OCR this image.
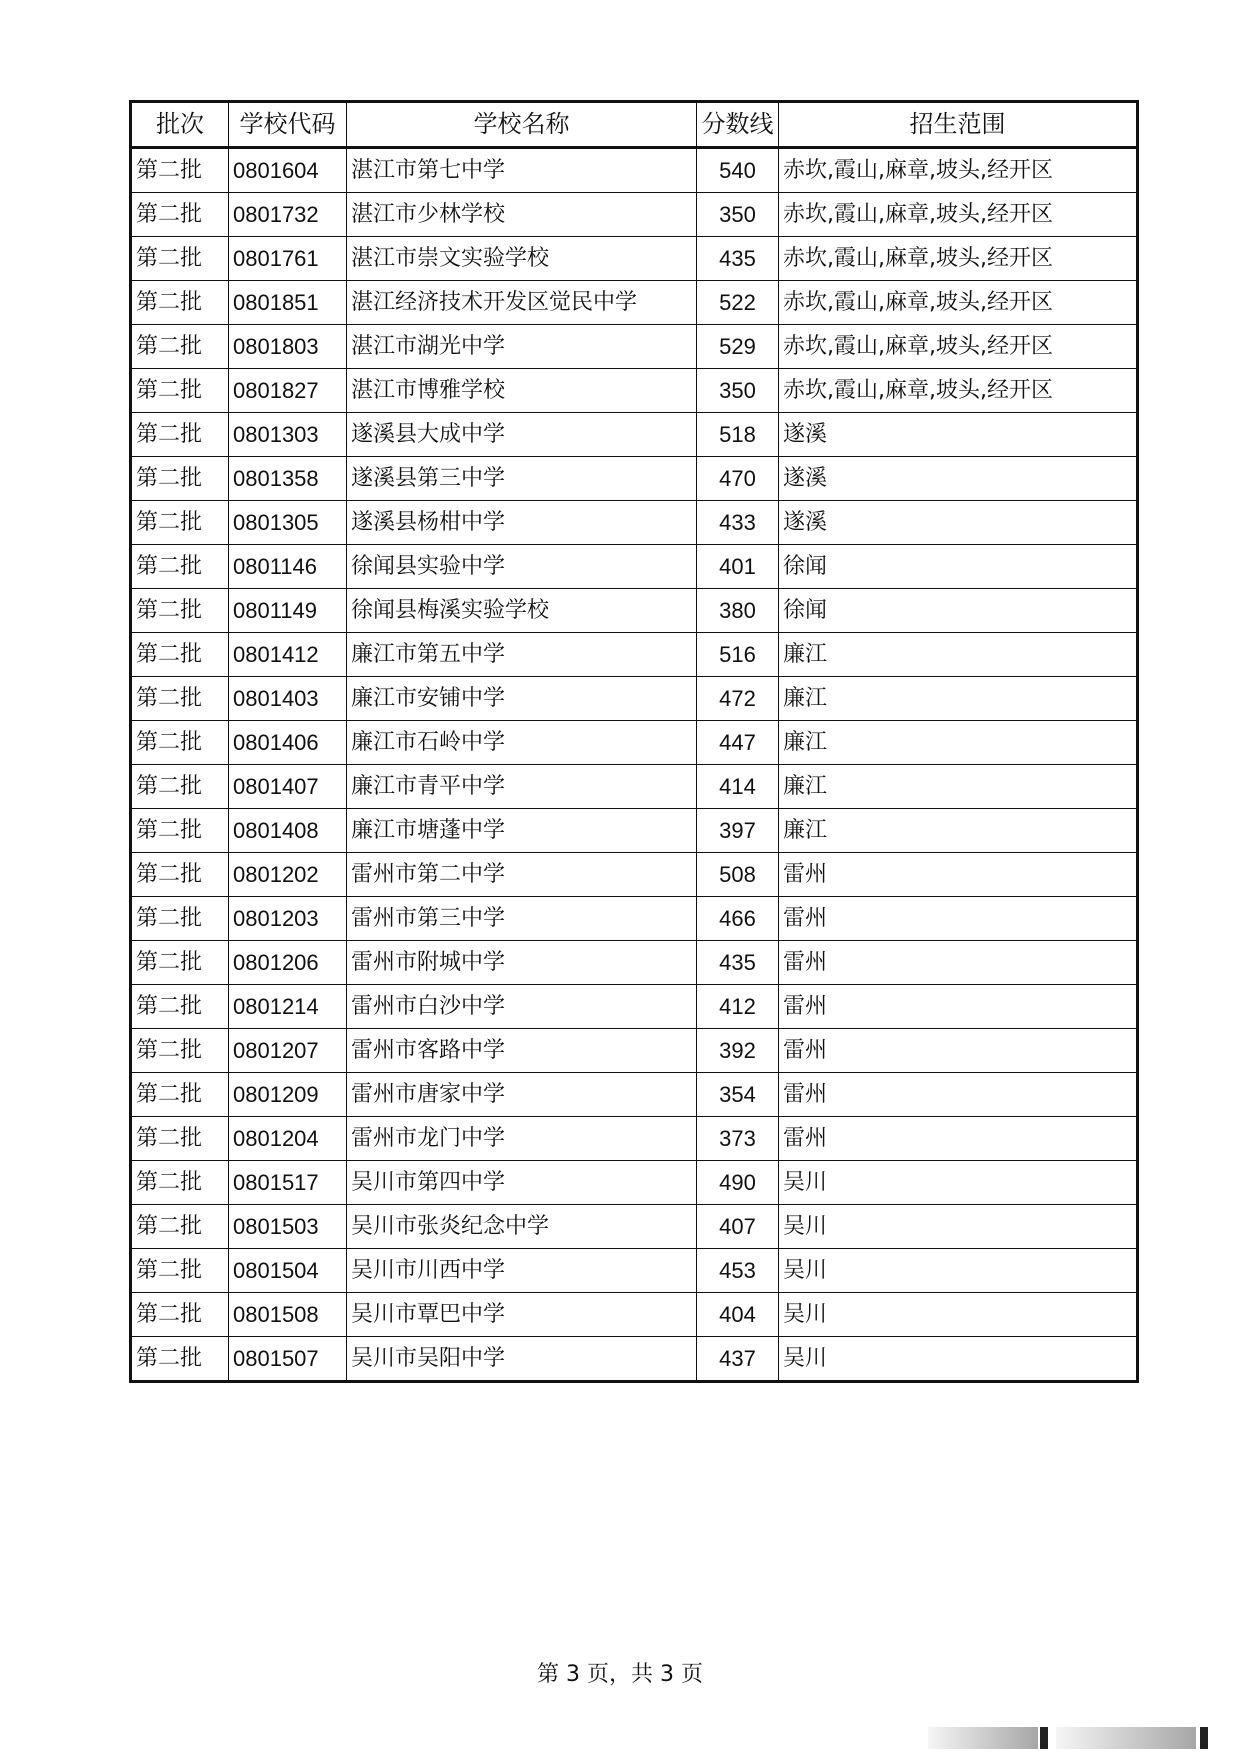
批次	学校代码	学校名称	分数线	招生范围
第二批	0801604	湛江市第七中学	540	赤坎,霞山,麻章,坡头,经开区
第二批	0801732	湛江市少林学校	350	赤坎,霞山,麻章,坡头,经开区
第二批	0801761	湛江市崇文实验学校	435	赤坎,霞山,麻章,坡头,经开区
第二批	0801851	湛江经济技术开发区觉民中学	522	赤坎,霞山,麻章,坡头,经开区
第二批	0801803	湛江市湖光中学	529	赤坎,霞山,麻章,坡头,经开区
第二批	0801827	湛江市博雅学校	350	赤坎,霞山,麻章,坡头,经开区
第二批	0801303	遂溪县大成中学	518	遂溪
第二批	0801358	遂溪县第三中学	470	遂溪
第二批	0801305	遂溪县杨柑中学	433	遂溪
第二批	0801146	徐闻县实验中学	401	徐闻
第二批	0801149	徐闻县梅溪实验学校	380	徐闻
第二批	0801412	廉江市第五中学	516	廉江
第二批	0801403	廉江市安铺中学	472	廉江
第二批	0801406	廉江市石岭中学	447	廉江
第二批	0801407	廉江市青平中学	414	廉江
第二批	0801408	廉江市塘蓬中学	397	廉江
第二批	0801202	雷州市第二中学	508	雷州
第二批	0801203	雷州市第三中学	466	雷州
第二批	0801206	雷州市附城中学	435	雷州
第二批	0801214	雷州市白沙中学	412	雷州
第二批	0801207	雷州市客路中学	392	雷州
第二批	0801209	雷州市唐家中学	354	雷州
第二批	0801204	雷州市龙门中学	373	雷州
第二批	0801517	吴川市第四中学	490	吴川
第二批	0801503	吴川市张炎纪念中学	407	吴川
第二批	0801504	吴川市川西中学	453	吴川
第二批	0801508	吴川市覃巴中学	404	吴川
第二批	0801507	吴川市吴阳中学	437	吴川
第 3 页，共 3 页
